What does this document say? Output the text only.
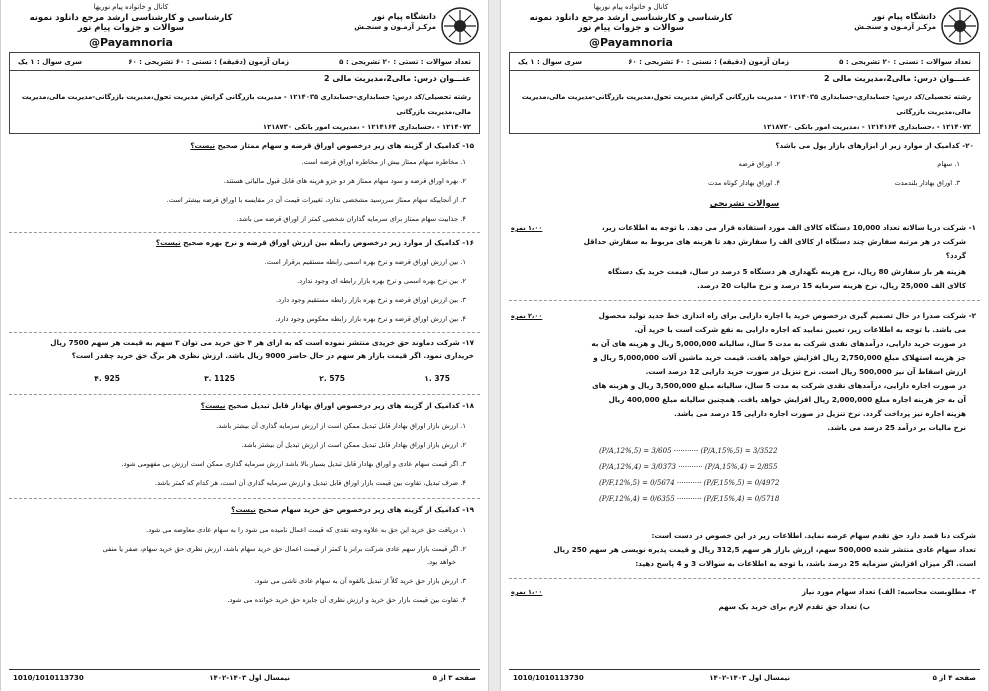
دانشگاه پیام نور
مرکـز آزمـون و سنجـش
کانال و خانواده پیام نوریها
کارشناسی و کارشناسی ارشد مرجع دانلود نمونه سوالات و جزوات پیام نور
@Payamnoria
تعداد سوالات : تستی : ۲۰ تشریحی : ۵
زمان آزمون (دقیقه) : تستی : ۶۰ تشریحی : ۶۰
سری سوال : ۱ یک
عنـــوان درس: مالی2،مدیریت مالی 2
رشته تحصیلی/کد درس: حسابداری-حسابداری ۱۲۱۴۰۳۵ - مدیریت بازرگانی گرایش مدیریت تحول،مدیریت بازرگانی-مدیریت مالی،مدیریت مالی،مدیریت بازرگانی
۱۲۱۴۰۷۲ - ،حسابداری ۱۲۱۴۱۶۴ - ،مدیریت امور بانکی ۱۲۱۸۷۳۰
۱۵- کدامیک از گزینه های زیر درخصوص اوراق قرضه و سهام ممتاز صحیح نیست؟
۱. مخاطره سهام ممتاز بیش از مخاطره اوراق قرضه است.
۲. بهره اوراق قرضه و سود سهام ممتاز هر دو جزو هزینه های قابل قبول مالیاتی هستند.
۳. از آنجاییکه سهام ممتاز سررسید مشخصی ندارد، تغییرات قیمت آن در مقایسه با اوراق قرضه بیشتر است.
۴. جذابیت سهام ممتاز برای سرمایه گذاران شخصی کمتر از اوراق قرضه می باشد.
۱۶- کدامیک از موارد زیر درخصوص رابطه بین ارزش اوراق قرضه و نرخ بهره صحیح نیست؟
۱. بین ارزش اوراق قرضه و نرخ بهره اسمی رابطه مستقیم برقرار است.
۲. بین نرخ بهره اسمی و نرخ بهره بازار رابطه ای وجود ندارد.
۳. بین ارزش اوراق قرضه و نرخ بهره بازار رابطه مستقیم وجود دارد.
۴. بین ارزش اوراق قرضه و نرخ بهره بازار رابطه معکوس وجود دارد.
۱۷- شرکت دماوند حق خریدی منتشر نموده است که به ازای هر ۴ حق خرید می توان ۳ سهم به قیمت هر سهم 7500 ریال
خریداری نمود. اگر قیمت بازار هر سهم در حال حاضر 9000 ریال باشد. ارزش نظری هر برگ حق خرید چقدر است؟
375 .۱
575 .۲
1125 .۳
925 .۴
۱۸- کدامیک از گزینه های زیر درخصوص اوراق بهادار قابل تبدیل صحیح نیست؟
۱. ارزش بازار اوراق بهادار قابل تبدیل ممکن است از ارزش سرمایه گذاری آن بیشتر باشد.
۲. ارزش بازار اوراق بهادار قابل تبدیل ممکن است از ارزش تبدیل آن بیشتر باشد.
۳. اگر قیمت سهام عادی و اوراق بهادار قابل تبدیل بسیار بالا باشد ارزش سرمایه گذاری ممکن است ارزش بی مفهومی شود.
۴. صرف تبدیل، تفاوت بین قیمت بازار اوراق قابل تبدیل و ارزش سرمایه گذاری آن است، هر کدام که کمتر باشد.
۱۹- کدامیک از گزینه های زیر درخصوص حق خرید سهام صحیح نیست؟
۱. دریافت حق خرید این حق به علاوه وجه نقدی که قیمت اعمال نامیده می شود را به سهام عادی معاوضه می شود.
۲. اگر قیمت بازار سهم عادی شرکت برابر یا کمتر از قیمت اعمال حق خرید سهام باشد، ارزش نظری حق خرید سهام، صفر یا منفی
خواهد بود.
۳. ارزش بازار حق خرید کلاً از تبدیل بالقوه آن به سهام عادی ناشی می شود.
۴. تفاوت بین قیمت بازار حق خرید و ارزش نظری آن جایزه حق خرید خوانده می شود.
صفحه ۳ از ۵
نیمسال اول ۱۴۰۳-۱۴۰۲
1010/1010113730
دانشگاه پیام نور
مرکـز آزمـون و سنجـش
کانال و خانواده پیام نوریها
کارشناسی و کارشناسی ارشد مرجع دانلود نمونه سوالات و جزوات پیام نور
@Payamnoria
تعداد سوالات : تستی : ۲۰ تشریحی : ۵
زمان آزمون (دقیقه) : تستی : ۶۰ تشریحی : ۶۰
سری سوال : ۱ یک
عنـــوان درس: مالی2،مدیریت مالی 2
رشته تحصیلی/کد درس: حسابداری-حسابداری ۱۲۱۴۰۳۵ - مدیریت بازرگانی گرایش مدیریت تحول،مدیریت بازرگانی-مدیریت مالی،مدیریت مالی،مدیریت بازرگانی
۱۲۱۴۰۷۲ - ،حسابداری ۱۲۱۴۱۶۴ - ،مدیریت امور بانکی ۱۲۱۸۷۳۰
۲۰- کدامیک از موارد زیر از ابزارهای بازار پول می باشد؟
۱. سهام
۲. اوراق قرضه
۳. اوراق بهادار بلندمدت
۴. اوراق بهادار کوتاه مدت
سوالات تشریحی
۱،۰۰ نمره	۱- شرکت دریا سالانه تعداد 10,000 دستگاه کالای الف مورد استفاده قرار می دهد. با توجه به اطلاعات زیر،
شرکت در هر مرتبه سفارش چند دستگاه از کالای الف را سفارش دهد تا هزینه های مربوط به سفارش حداقل
گردد؟
هزینه هر بار سفارش 80 ریال، نرخ هزینه نگهداری هر دستگاه 5 درصد در سال، قیمت خرید یک دستگاه
کالای الف 25,000 ریال، نرخ هزینه سرمایه 15 درصد و نرخ مالیات 20 درصد.
۲،۰۰ نمره	۲- شرکت صدرا در حال تصمیم گیری درخصوص خرید یا اجاره دارایی برای راه اندازی خط جدید تولید محصول
می باشد. با توجه به اطلاعات زیر، تعیین نمایید که اجاره دارایی به نفع شرکت است یا خرید آن.
در صورت خرید دارایی، درآمدهای نقدی شرکت به مدت 5 سال، سالیانه 5,000,000 ریال و هزینه های آن به
جز هزینه استهلاک مبلغ 2,750,000 ریال افزایش خواهد یافت. قیمت خرید ماشین آلات 5,000,000 ریال و
ارزش اسقاط آن نیز 500,000 ریال است. نرخ تنزیل در صورت خرید دارایی 12 درصد است.
در صورت اجاره دارایی، درآمدهای نقدی شرکت به مدت 5 سال، سالیانه مبلغ 3,500,000 ریال و هزینه های
آن به جز هزینه اجاره مبلغ 2,000,000 ریال افزایش خواهد یافت. همچنین سالیانه مبلغ 400,000 ریال
هزینه اجاره نیز پرداخت گردد. نرخ تنزیل در صورت اجاره دارایی 15 درصد می باشد.
نرخ مالیات بر درآمد 25 درصد می باشد.
(P/A,12%,5) = 3/605 ··········· (P/A,15%,5) = 3/3522
(P/A,12%,4) = 3/0373 ··········· (P/A,15%,4) = 2/855
(P/F,12%,5) = 0/5674 ··········· (P/F,15%,5) = 0/4972
(P/F,12%,4) = 0/6355 ··········· (P/F,15%,4) = 0/5718
شرکت دنا قصد دارد حق تقدم سهام عرضه نماید. اطلاعات زیر در این خصوص در دست است:
تعداد سهام عادی منتشر شده 500,000 سهم، ارزش بازار هر سهم 312,5 ریال و قیمت پذیره نویسی هر سهم 250 ریال
است. اگر میزان افزایش سرمایه 25 درصد باشد، با توجه به اطلاعات به سوالات 3 و 4 پاسخ دهید:
۱،۰۰ نمره	۳- مطلوبست محاسبه: الف) تعداد سهام مورد نیاز
ب) تعداد حق تقدم لازم برای خرید یک سهم
صفحه ۴ از ۵
نیمسال اول ۱۴۰۳-۱۴۰۲
1010/1010113730
